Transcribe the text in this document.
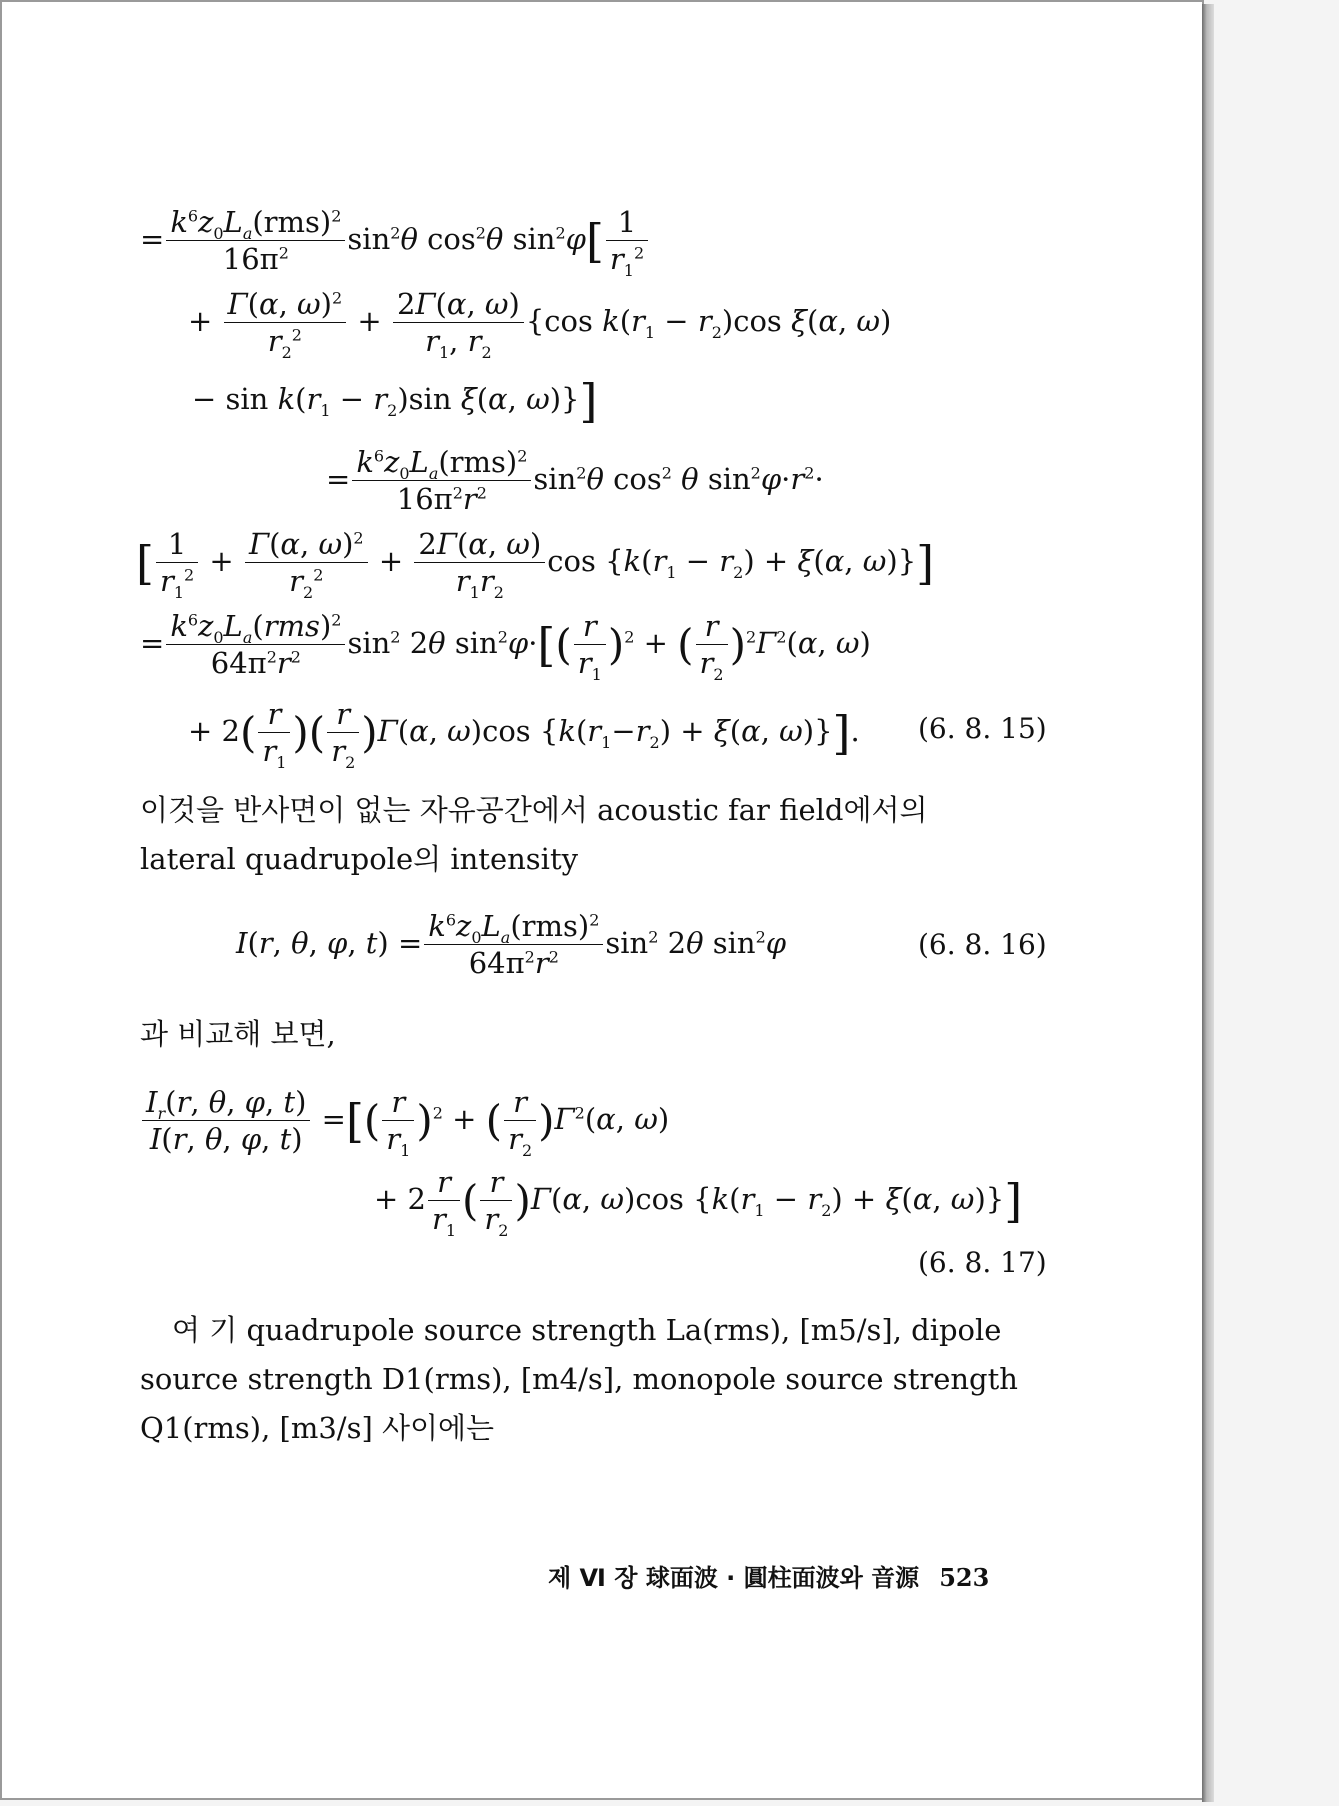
= $\frac{k^6z_0L_a(rms)^2}{16\pi^2} \sin^2\theta$ $\cos^2\theta$ $\sin^2\varphi[ \frac{1}{r_1^2}$
+ $\frac{\Gamma(\alpha, \omega)^2}{r_2^2} + \frac{2\Gamma(\alpha, \omega)}{r_1, r_2} \{\cos$ $k(r_1 - r_2)\cos$ ξ(α, ω)
− $\sin k(r_1 - r_2)\sin$ ξ(α, ω)}]
= $\frac{k^6z_0L_a(rms)^2}{16\pi^2r^2} \sin^2\theta$ $\cos^2 \theta$ $\sin^2\varphi\cdot r^2\cdot$
[ $\frac{1}{r_1^2} + \frac{\Gamma(\alpha, \omega)^2}{r_2^2} + \frac{2\Gamma(\alpha, \omega)}{r_1r_2}$ $\cos \{k(r_1 - r_2) + \xi(\alpha$, ω)}]
= $\frac{k^6z_0L_a(rms)^2}{64\pi^2r^2} \sin^2 2\theta$ $\sin^2\varphi\cdot[( \frac{r}{r_1} )^2$ + ( $\frac{r}{r_2} )^2\Gamma^2(\alpha$, ω)
+ $2( \frac{r}{r_1}$ )( $\frac{r}{r_2} )\Gamma(\alpha$, ω)cos {$k(r_1-r_2) + \xi(\alpha$, ω)}]. (6. 8. 15)
이것을 반사면이 없는 자유공간에서 acoustic far field에서의
lateral quadrupole의 intensity
I(r, θ, φ, $t) = \frac{k^6z_0L_a(rms)^2}{64\pi^2r^2} \sin^2 2\theta$ $\sin^2\varphi$	(6. 8. 16)
과 비교해 보면,
$\frac{I_r(r, \theta, \varphi, t)}{I(r, \theta, \varphi, t)}$ =[( $\frac{r}{r_1} )^2$ + ( $\frac{r}{r_2} )\Gamma^2(\alpha$, ω)
+ $2 \frac{r}{r_1}$ ( $\frac{r}{r_2} )\Gamma(\alpha$, ω)cos {$k(r_1 - r_2) + \xi(\alpha$, ω)}]
(6. 8. 17)
여 기 quadrupole source strength La(rms), [m5/s], dipole
source strength D1(rms), [m4/s], monopole source strength
Q1(rms), [m3/s] 사이에는
제 Ⅵ 장 球面波 · 圓柱面波와 音源 523
